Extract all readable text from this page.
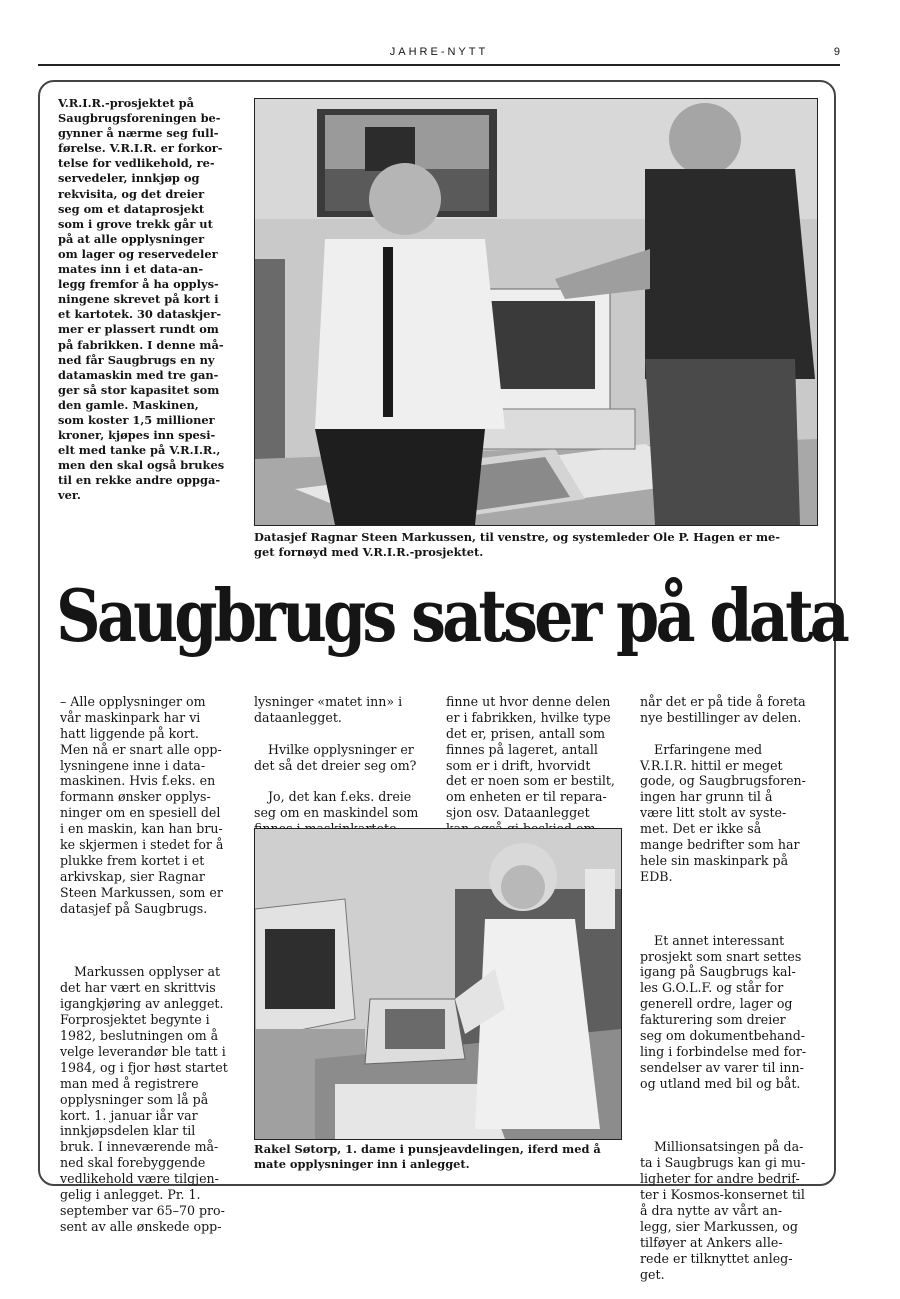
JAHRE-NYTT	9
V.R.I.R.-prosjektet på
Saugbrugsforeningen be-
gynner å nærme seg full-
førelse. V.R.I.R. er forkor-
telse for vedlikehold, re-
servedeler, innkjøp og
rekvisita, og det dreier
seg om et dataprosjekt
som i grove trekk går ut
på at alle opplysninger
om lager og reservedeler
mates inn i et data-an-
legg fremfor å ha opplys-
ningene skrevet på kort i
et kartotek. 30 dataskjer-
mer er plassert rundt om
på fabrikken. I denne må-
ned får Saugbrugs en ny
datamaskin med tre gan-
ger så stor kapasitet som
den gamle. Maskinen,
som koster 1,5 millioner
kroner, kjøpes inn spesi-
elt med tanke på V.R.I.R.,
men den skal også brukes
til en rekke andre oppga-
ver.
Datasjef Ragnar Steen Markussen, til venstre, og systemleder Ole P. Hagen er me-
get fornøyd med V.R.I.R.-prosjektet.
Saugbrugs satser på data

– Alle opplysninger om
vår maskinpark har vi
hatt liggende på kort.
Men nå er snart alle opp-
lysningene inne i data-
maskinen. Hvis f.eks. en
formann ønsker opplys-
ninger om en spesiell del
i en maskin, kan han bru-
ke skjermen i stedet for å
plukke frem kortet i et
arkivskap, sier Ragnar
Steen Markussen, som er
datasjef på Saugbrugs.

Markussen opplyser at
det har vært en skrittvis
igangkjøring av anlegget.
Forprosjektet begynte i
1982, beslutningen om å
velge leverandør ble tatt i
1984, og i fjor høst startet
man med å registrere
opplysninger som lå på
kort. 1. januar iår var
innkjøpsdelen klar til
bruk. I inneværende må-
ned skal forebyggende
vedlikehold være tilgjen-
gelig i anlegget. Pr. 1.
september var 65–70 pro-
sent av alle ønskede opp-

lysninger «matet inn» i
dataanlegget.

Hvilke opplysninger er
det så det dreier seg om?

Jo, det kan f.eks. dreie
seg om en maskindel som

finne ut hvor denne delen
er i fabrikken, hvilke type
det er, prisen, antall som
finnes på lageret, antall
som er i drift, hvorvidt
det er noen som er bestilt,
om enheten er til repara-
sjon osv. Dataanlegget

når det er på tide å foreta
nye bestillinger av delen.

Erfaringene med
V.R.I.R. hittil er meget
gode, og Saugbrugsforen-
ingen har grunn til å
være litt stolt av syste-
met. Det er ikke så
mange bedrifter som har
hele sin maskinpark på
EDB.

Et annet interessant
prosjekt som snart settes
igang på Saugbrugs kal-
les G.O.L.F. og står for
generell ordre, lager og
fakturering som dreier
seg om dokumentbehand-
ling i forbindelse med for-
sendelser av varer til inn-
og utland med bil og båt.

Millionsatsingen på da-
ta i Saugbrugs kan gi mu-
ligheter for andre bedrif-
ter i Kosmos-konsernet til
å dra nytte av vårt an-
legg, sier Markussen, og
tilføyer at Ankers alle-
rede er tilknyttet anleg-
get.

Rakel Søtorp, 1. dame i punsjeavdelingen, iferd med å
mate opplysninger inn i anlegget.
